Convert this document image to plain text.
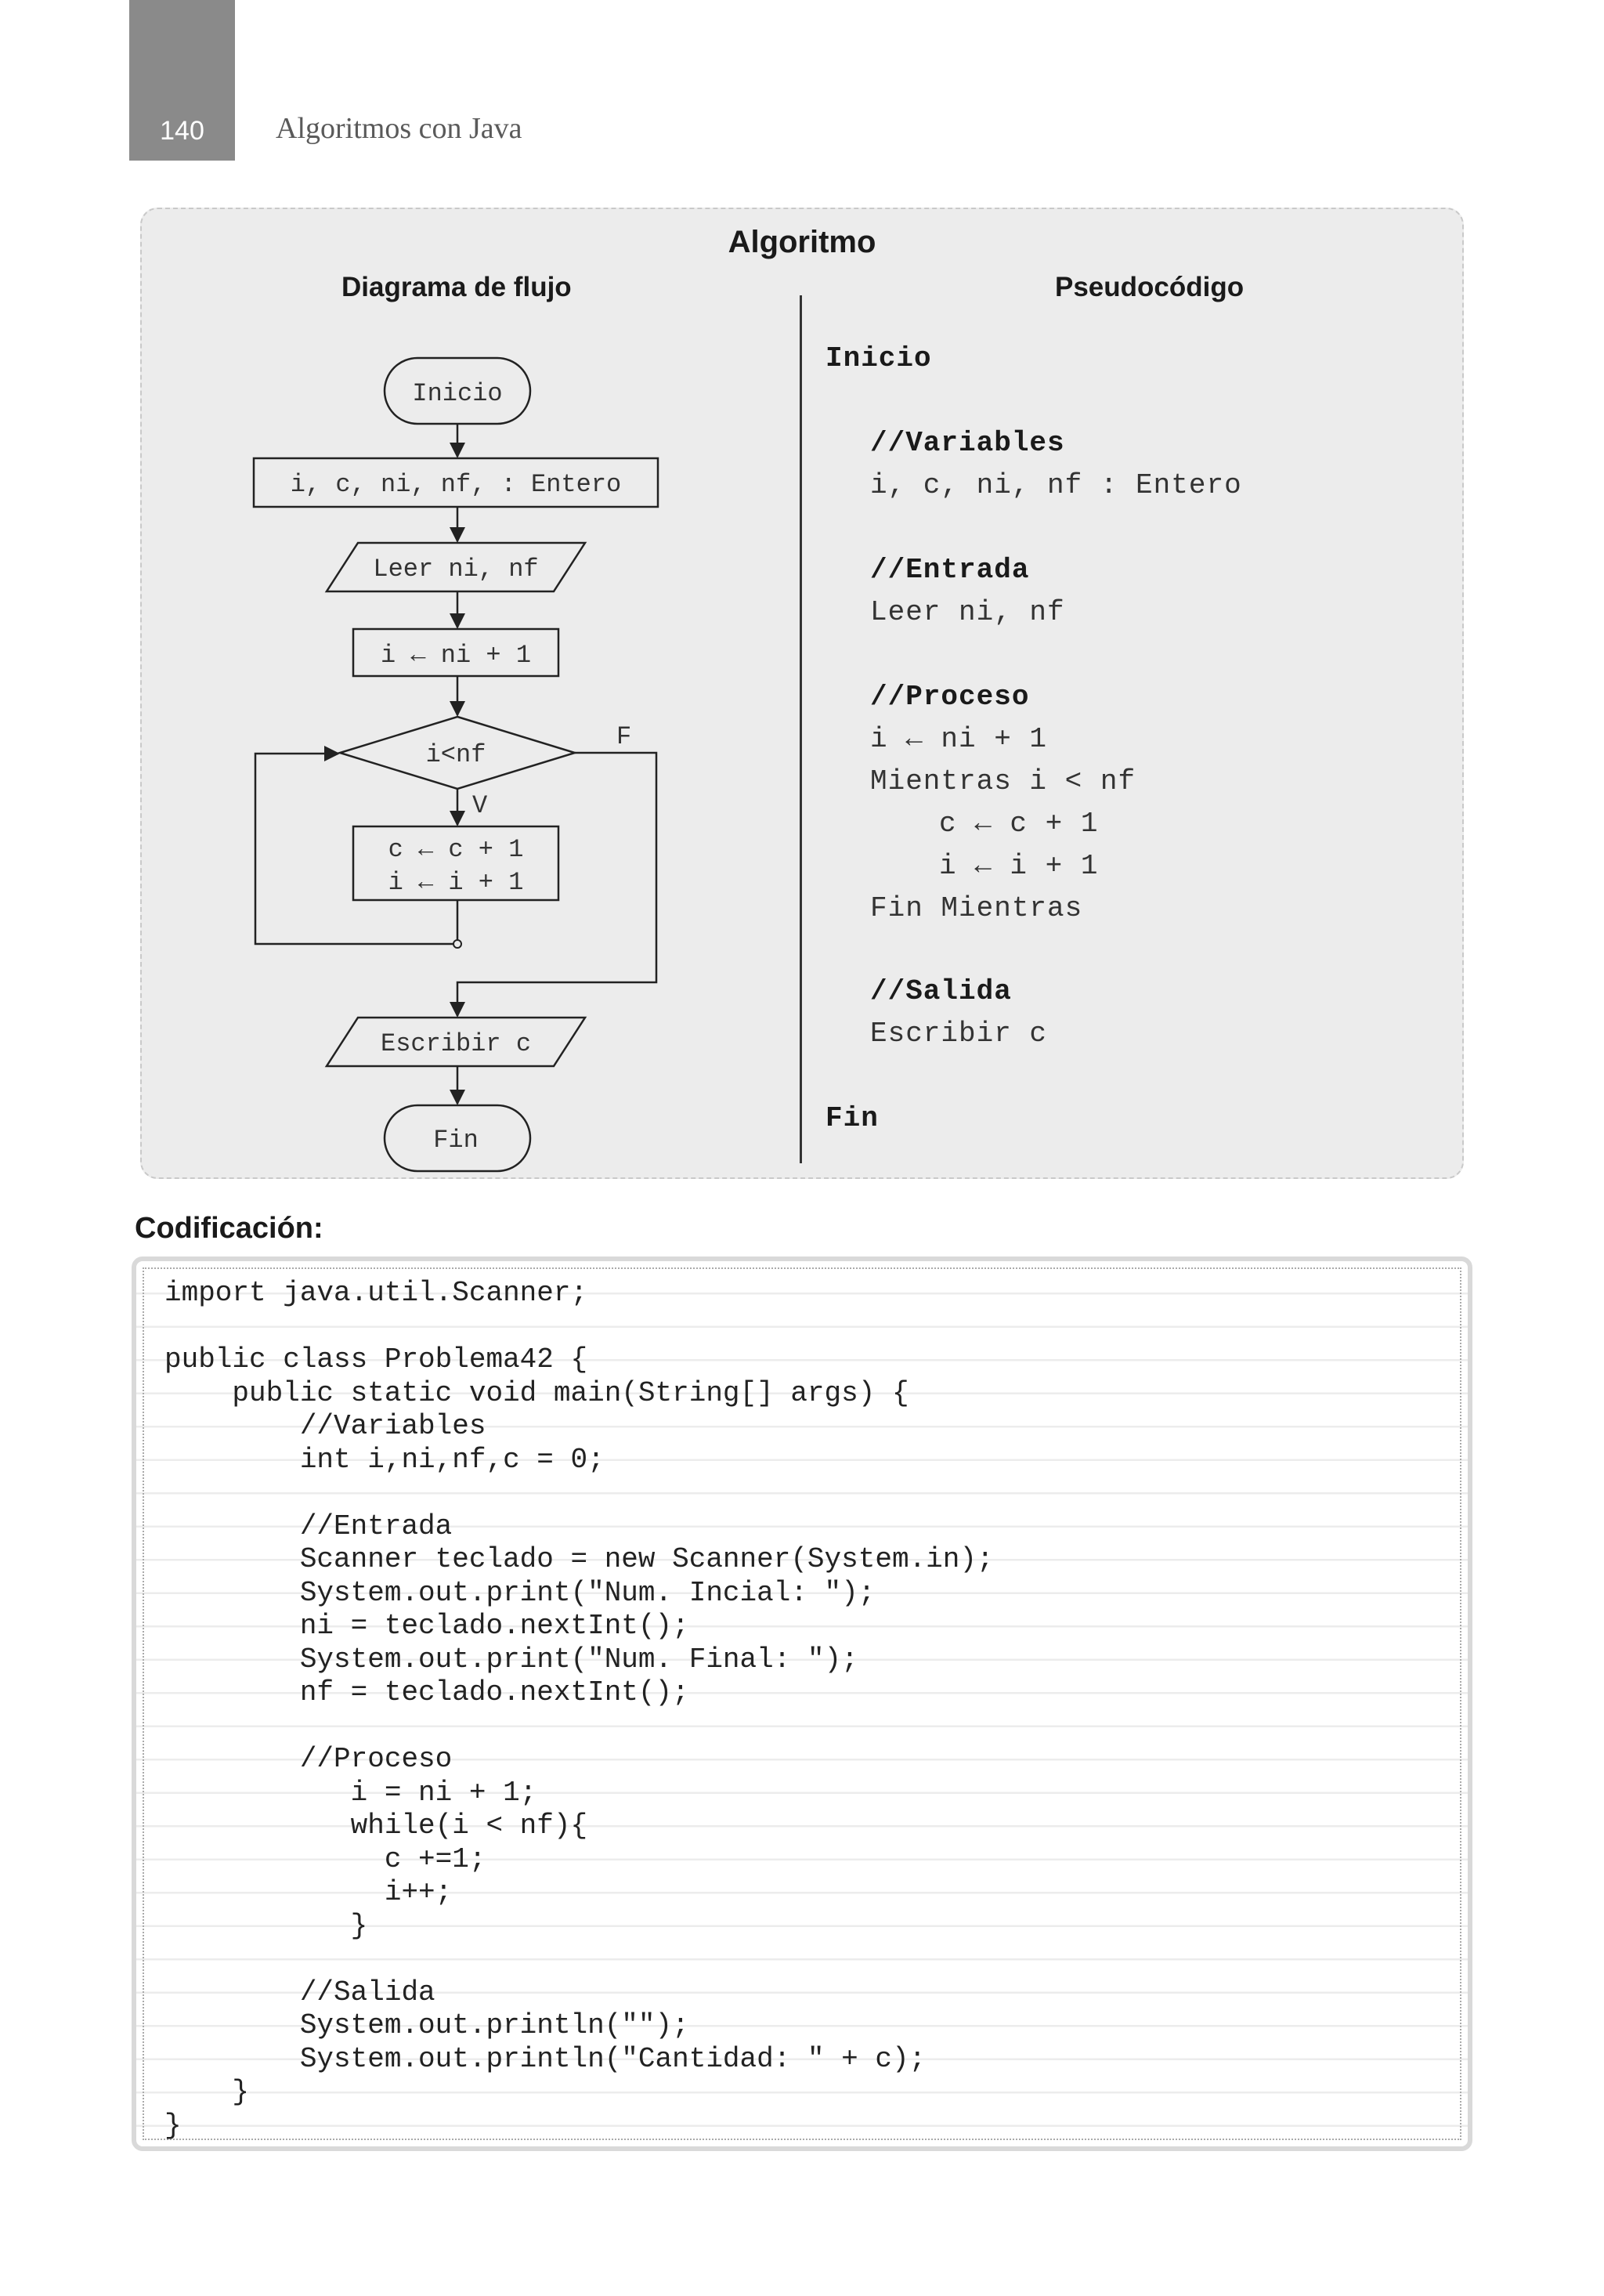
140	Algoritmos con Java
Algoritmo
Diagrama de flujo	Pseudocódigo
Inicio
i, c, ni, nf, : Entero
Leer ni, nf
i ← ni + 1
i<nf
F
V
c ← c + 1
i ← i + 1
Escribir c
Fin
Inicio
//Variables
i, c, ni, nf : Entero
//Entrada
Leer ni, nf
//Proceso
i ← ni + 1
Mientras i < nf
c ← c + 1
i ← i + 1
Fin Mientras
//Salida
Escribir c
Fin
Codificación:
import java.util.Scanner;
public class Problema42 {
public static void main(String[] args) {
//Variables
int i,ni,nf,c = 0;
//Entrada
Scanner teclado = new Scanner(System.in);
System.out.print("Num. Incial: ");
ni = teclado.nextInt();
System.out.print("Num. Final: ");
nf = teclado.nextInt();
//Proceso
i = ni + 1;
while(i < nf){
c +=1;
i++;
}
//Salida
System.out.println("");
System.out.println("Cantidad: " + c);
}
}
